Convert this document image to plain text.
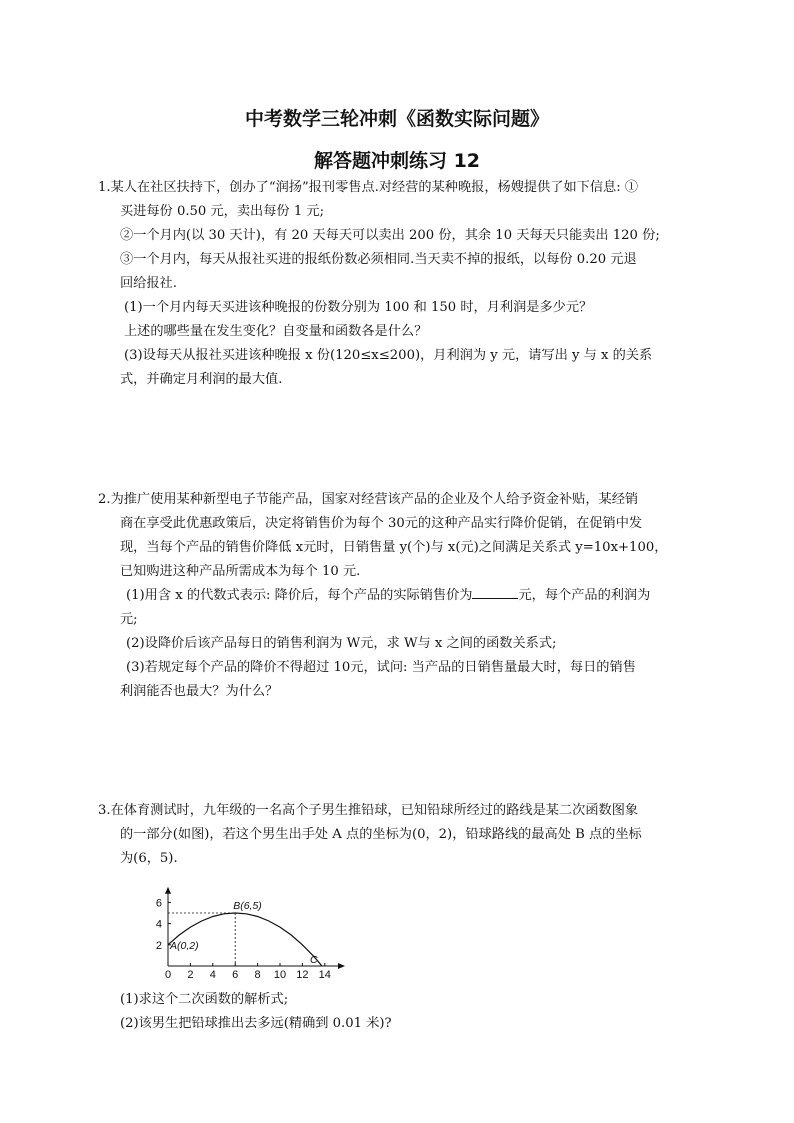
中考数学三轮冲刺《函数实际问题》
解答题冲刺练习 12
1.某人在社区扶持下，创办了“润扬”报刊零售点.对经营的某种晚报，杨嫂提供了如下信息: ①
买进每份 0.50 元，卖出每份 1 元;
②一个月内(以 30 天计)，有 20 天每天可以卖出 200 份，其余 10 天每天只能卖出 120 份;
③一个月内，每天从报社买进的报纸份数必须相同.当天卖不掉的报纸，以每份 0.20 元退
回给报社.
(1)一个月内每天买进该种晚报的份数分别为 100 和 150 时，月利润是多少元？
上述的哪些量在发生变化？自变量和函数各是什么？
(3)设每天从报社买进该种晚报 x 份(120≤x≤200)，月利润为 y 元，请写出 y 与 x 的关系
式，并确定月利润的最大值.
2.为推广使用某种新型电子节能产品，国家对经营该产品的企业及个人给予资金补贴，某经销
商在享受此优惠政策后，决定将销售价为每个 30元的这种产品实行降价促销，在促销中发
现，当每个产品的销售价降低 x元时，日销售量 y(个)与 x(元)之间满足关系式 y=10x+100，
已知购进这种产品所需成本为每个 10 元.
(1)用含 x 的代数式表示: 降价后，每个产品的实际销售价为	元，每个产品的利润为
元;
(2)设降价后该产品每日的销售利润为 W元，求 W与 x 之间的函数关系式;
(3)若规定每个产品的降价不得超过 10元，试问: 当产品的日销售量最大时，每日的销售
利润能否也最大？为什么？
3.在体育测试时，九年级的一名高个子男生推铅球，已知铅球所经过的路线是某二次函数图象
的一部分(如图)，若这个男生出手处 A 点的坐标为(0，2)，铅球路线的最高处 B 点的坐标
为(6，5).
0 2 4 6 8 10 12 14
2
4
6
A(0,2)
B(6,5)
C
(1)求这个二次函数的解析式;
(2)该男生把铅球推出去多远(精确到 0.01 米)?
